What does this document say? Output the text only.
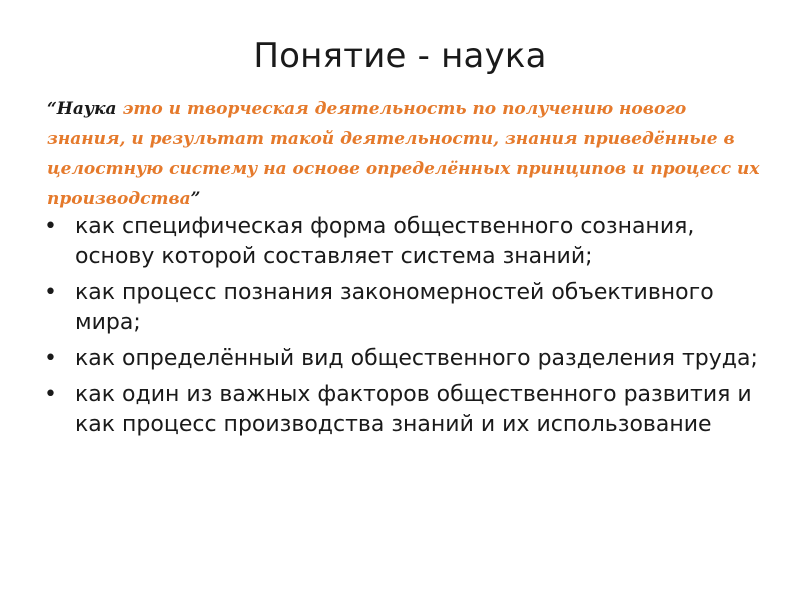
Понятие - наука
“Наука это и творческая деятельность по получению нового знания, и результат такой деятельности, знания приведённые в целостную систему на основе определённых принципов и процесс их производства”
• как специфическая форма общественного сознания, основу которой составляет система знаний;
• как процесс познания закономерностей объективного мира;
• как определённый вид общественного разделения труда;
• как один из важных факторов общественного развития и как процесс производства знаний и их использование
